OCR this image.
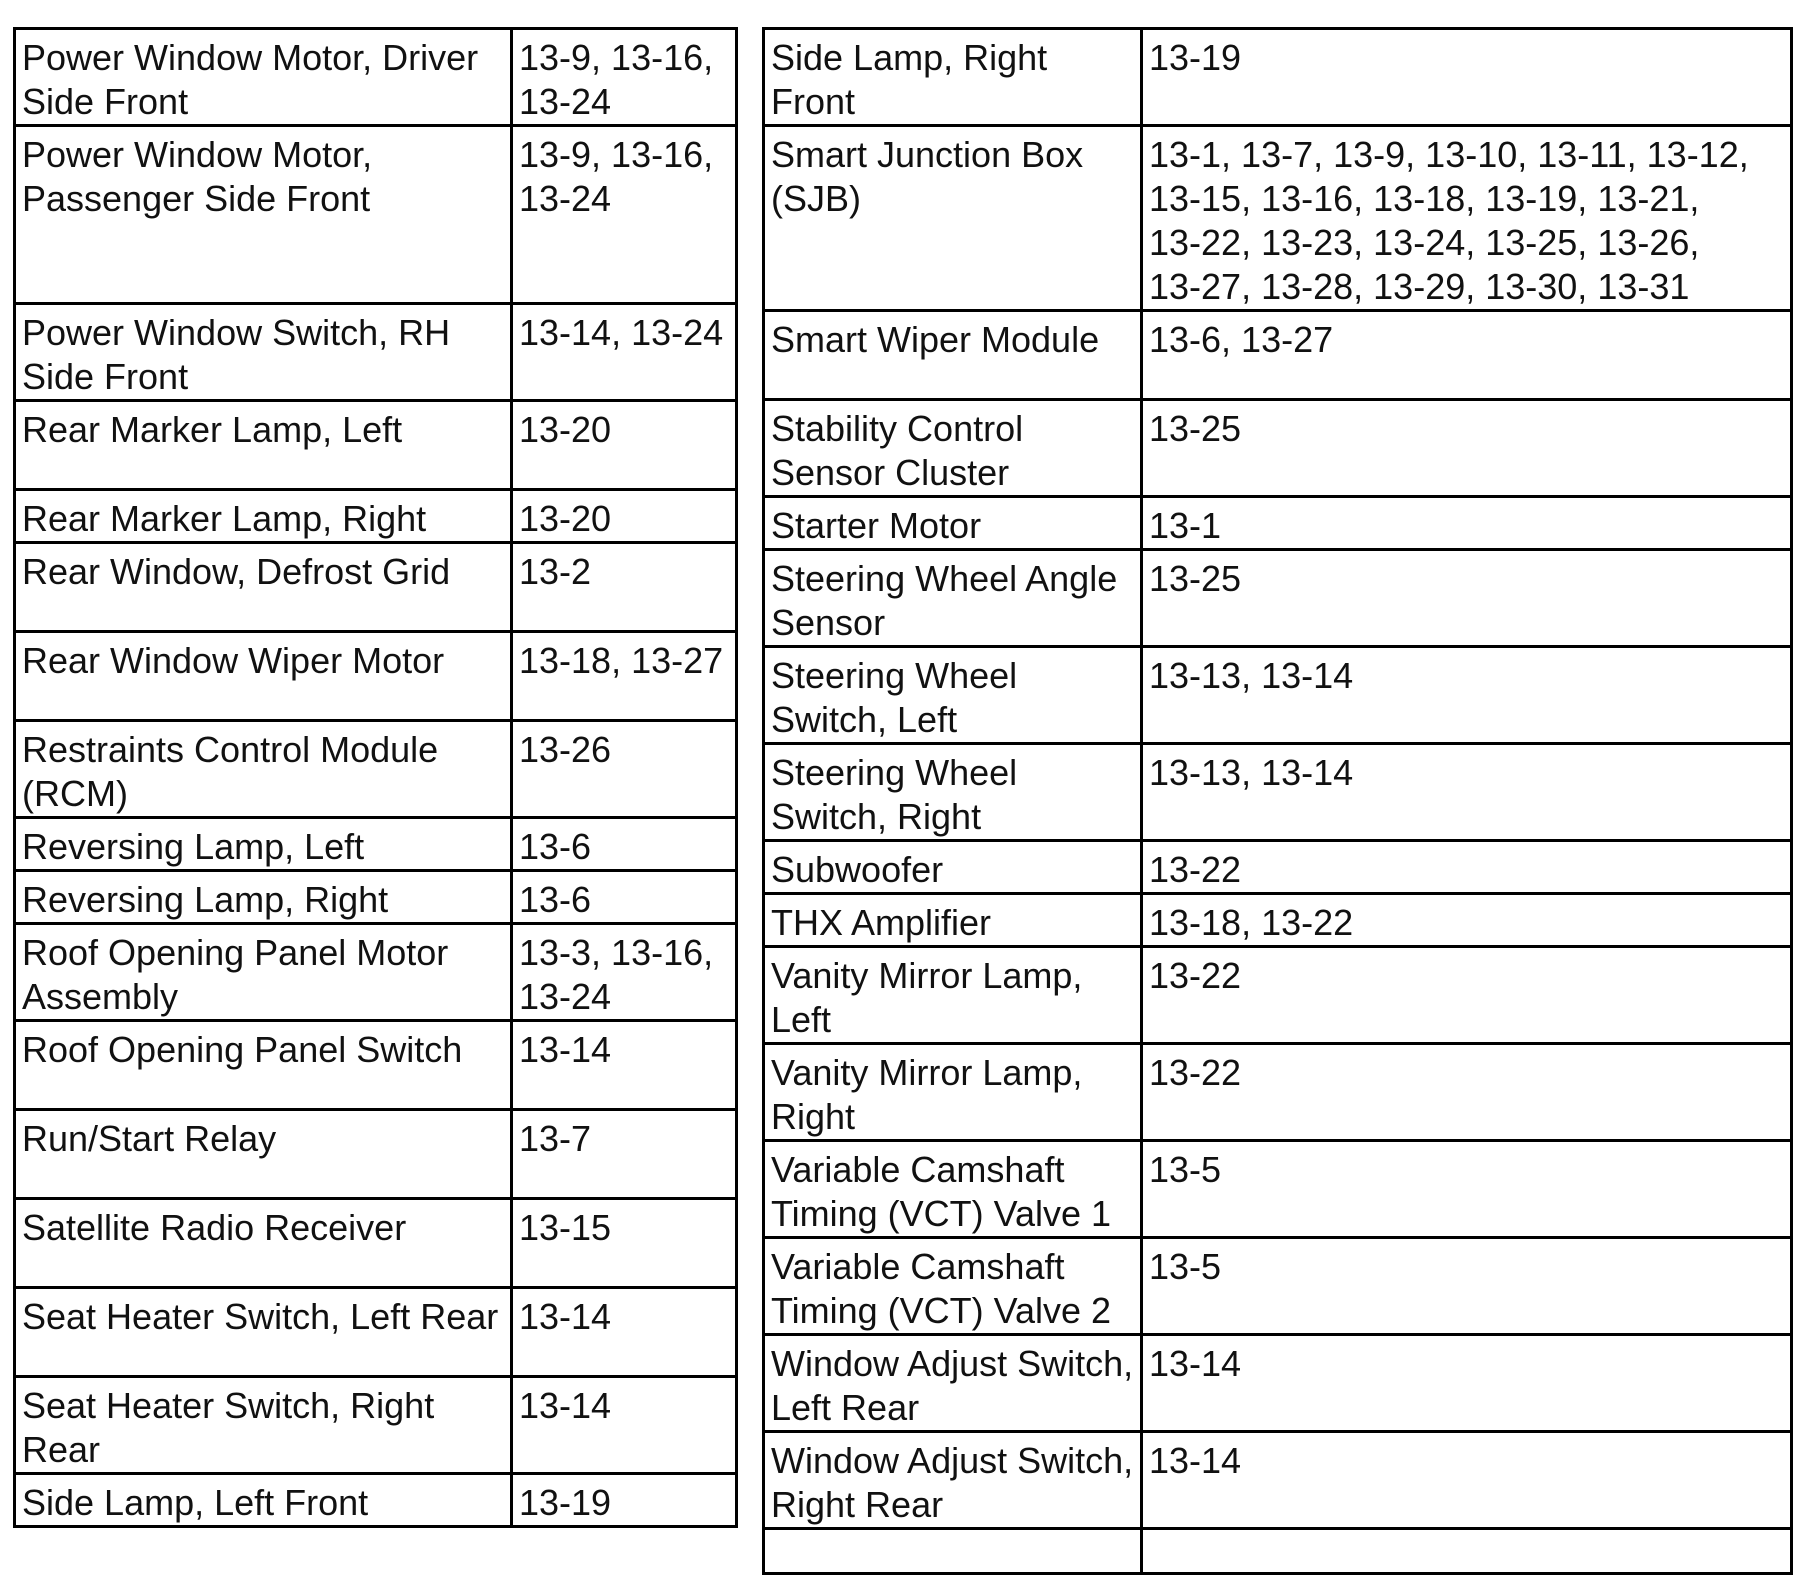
Power Window Motor, Driver
Side Front	13-9, 13-16,
13-24
Power Window Motor,
Passenger Side Front	13-9, 13-16,
13-24
Power Window Switch, RH
Side Front	13-14, 13-24
Rear Marker Lamp, Left	13-20
Rear Marker Lamp, Right	13-20
Rear Window, Defrost Grid	13-2
Rear Window Wiper Motor	13-18, 13-27
Restraints Control Module
(RCM)	13-26
Reversing Lamp, Left	13-6
Reversing Lamp, Right	13-6
Roof Opening Panel Motor
Assembly	13-3, 13-16,
13-24
Roof Opening Panel Switch	13-14
Run/Start Relay	13-7
Satellite Radio Receiver	13-15
Seat Heater Switch, Left Rear	13-14
Seat Heater Switch, Right
Rear	13-14
Side Lamp, Left Front	13-19
Side Lamp, Right
Front	13-19
Smart Junction Box
(SJB)	13-1, 13-7, 13-9, 13-10, 13-11, 13-12,
13-15, 13-16, 13-18, 13-19, 13-21,
13-22, 13-23, 13-24, 13-25, 13-26,
13-27, 13-28, 13-29, 13-30, 13-31
Smart Wiper Module	13-6, 13-27
Stability Control
Sensor Cluster	13-25
Starter Motor	13-1
Steering Wheel Angle
Sensor	13-25
Steering Wheel
Switch, Left	13-13, 13-14
Steering Wheel
Switch, Right	13-13, 13-14
Subwoofer	13-22
THX Amplifier	13-18, 13-22
Vanity Mirror Lamp,
Left	13-22
Vanity Mirror Lamp,
Right	13-22
Variable Camshaft
Timing (VCT) Valve 1	13-5
Variable Camshaft
Timing (VCT) Valve 2	13-5
Window Adjust Switch,
Left Rear	13-14
Window Adjust Switch,
Right Rear	13-14
